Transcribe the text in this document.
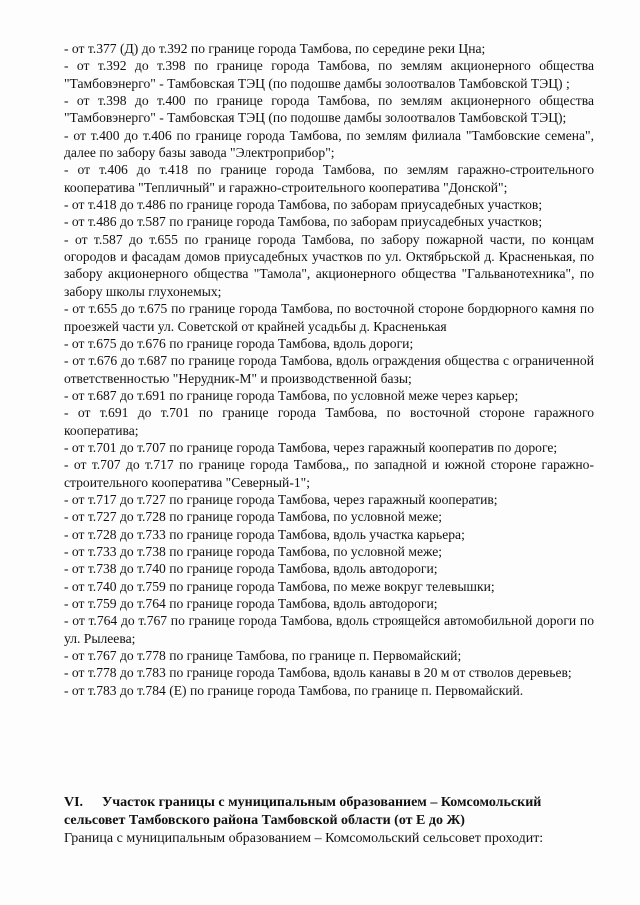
- от т.377 (Д) до т.392 по границе города Тамбова, по середине реки Цна;

- от т.392 до т.398 по границе города Тамбова, по землям акционерного общества "Тамбовэнерго" - Тамбовская ТЭЦ (по подошве дамбы золоотвалов Тамбовской ТЭЦ) ;

- от т.398 до т.400 по границе города Тамбова, по землям акционерного общества "Тамбовэнерго" - Тамбовская ТЭЦ (по подошве дамбы золоотвалов Тамбовской ТЭЦ);

- от т.400 до т.406 по границе города Тамбова, по землям филиала "Тамбовские семена", далее по забору базы завода "Электроприбор";

- от т.406 до т.418 по границе города Тамбова, по землям гаражно-строительного кооператива "Тепличный" и гаражно-строительного кооператива "Донской";

- от т.418 до т.486 по границе города Тамбова, по заборам приусадебных участков;

- от т.486 до т.587 по границе города Тамбова, по заборам приусадебных участков;

- от т.587 до т.655 по границе города Тамбова, по забору пожарной части, по концам огородов и фасадам домов приусадебных участков по ул. Октябрьской д. Красненькая, по забору акционерного общества "Тамола", акционерного общества "Гальванотехника", по забору школы глухонемых;

- от т.655 до т.675 по границе города Тамбова, по восточной стороне бордюрного камня по проезжей части ул. Советской от крайней усадьбы д. Красненькая

- от т.675 до т.676 по границе города Тамбова, вдоль дороги;

- от т.676 до т.687 по границе города Тамбова, вдоль ограждения общества с ограниченной ответственностью "Нерудник-М" и производственной базы;

- от т.687 до т.691 по границе города Тамбова, по условной меже через карьер;

- от т.691 до т.701 по границе города Тамбова, по восточной стороне гаражного кооператива;

- от т.701 до т.707 по границе города Тамбова, через гаражный кооператив по дороге;

- от т.707 до т.717 по границе города Тамбова,, по западной и южной стороне гаражно-строительного кооператива "Северный-1";

- от т.717 до т.727 по границе города Тамбова, через гаражный кооператив;

- от т.727 до т.728 по границе города Тамбова, по условной меже;

- от т.728 до т.733 по границе города Тамбова, вдоль участка карьера;

- от т.733 до т.738 по границе города Тамбова, по условной меже;

- от т.738 до т.740 по границе города Тамбова, вдоль автодороги;

- от т.740 до т.759 по границе города Тамбова, по меже вокруг телевышки;

- от т.759 до т.764 по границе города Тамбова, вдоль автодороги;

- от т.764 до т.767 по границе города Тамбова, вдоль строящейся автомобильной дороги по ул. Рылеева;

- от т.767 до т.778 по границе Тамбова, по границе п. Первомайский;

- от т.778 до т.783 по границе города Тамбова, вдоль канавы в 20 м от стволов деревьев;

- от т.783 до т.784 (Е) по границе города Тамбова, по границе п. Первомайский.

VI. Участок границы с муниципальным образованием – Комсомольский сельсовет Тамбовского района Тамбовской области (от Е до Ж)
Граница с муниципальным образованием – Комсомольский сельсовет проходит:
